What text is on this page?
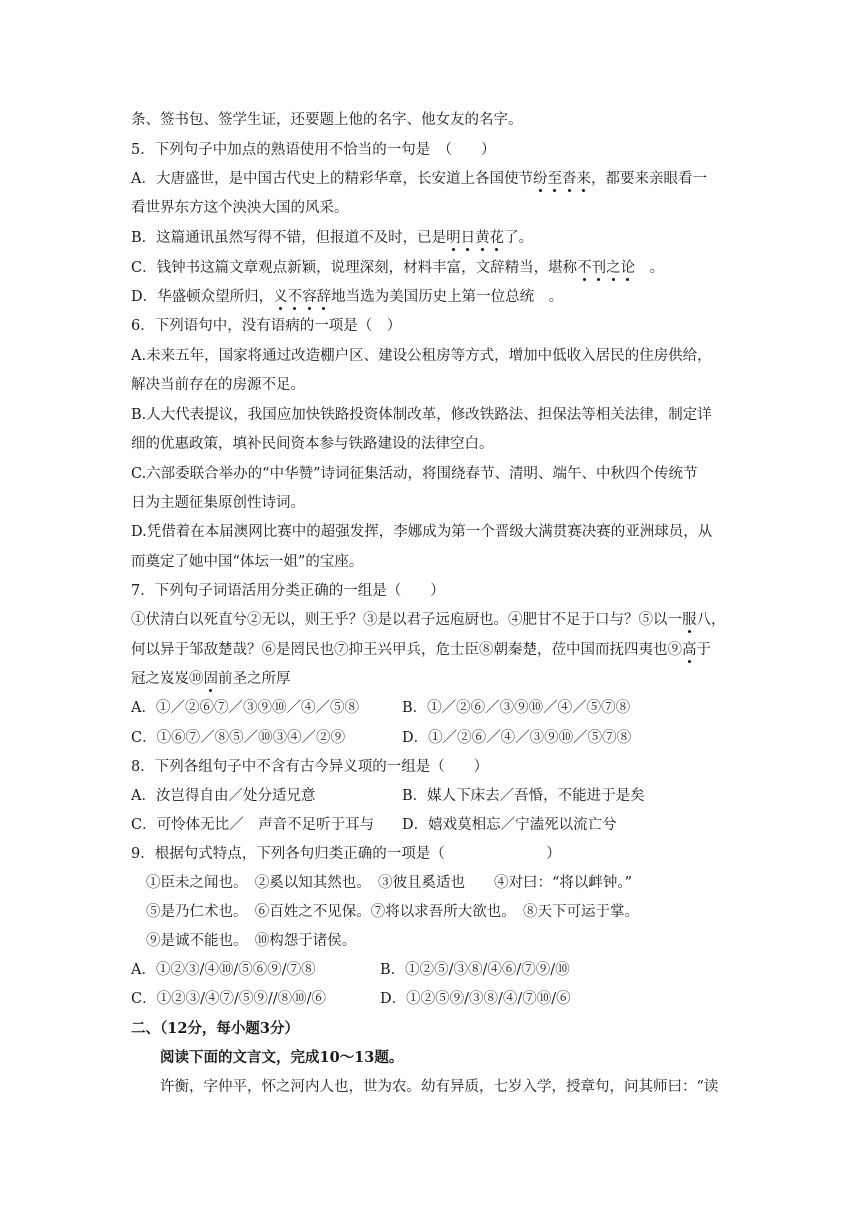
条、签书包、签学生证，还要题上他的名字、他女友的名字。
5．下列句子中加点的熟语使用不恰当的一句是　（　　）
A．大唐盛世，是中国古代史上的精彩华章，长安道上各国使节纷至沓来，都要来亲眼看一
看世界东方这个泱泱大国的风采。
B．这篇通讯虽然写得不错，但报道不及时，已是明日黄花了。
C．钱钟书这篇文章观点新颖，说理深刻，材料丰富，文辞精当，堪称不刊之论　。
D．华盛顿众望所归，义不容辞地当选为美国历史上第一位总统　。
6．下列语句中，没有语病的一项是（　）
A.未来五年，国家将通过改造棚户区、建设公租房等方式，增加中低收入居民的住房供给，
解决当前存在的房源不足。
B.人大代表提议，我国应加快铁路投资体制改革，修改铁路法、担保法等相关法律，制定详
细的优惠政策，填补民间资本参与铁路建设的法律空白。
C.六部委联合举办的“中华赞”诗词征集活动，将围绕春节、清明、端午、中秋四个传统节
日为主题征集原创性诗词。
D.凭借着在本届澳网比赛中的超强发挥，李娜成为第一个晋级大满贯赛决赛的亚洲球员，从
而奠定了她中国“体坛一姐”的宝座。
7．下列句子词语活用分类正确的一组是（　　）
①伏清白以死直兮②无以，则王乎？③是以君子远庖厨也。④肥甘不足于口与？⑤以一服八，
何以异于邹敌楚哉？⑥是罔民也⑦抑王兴甲兵，危士臣⑧朝秦楚，莅中国而抚四夷也⑨高于
冠之岌岌⑩固前圣之所厚
A．①／②⑥⑦／③⑨⑩／④／⑤⑧	B．①／②⑥／③⑨⑩／④／⑤⑦⑧
C．①⑥⑦／⑧⑤／⑩③④／②⑨	D．①／②⑥／④／③⑨⑩／⑤⑦⑧
8．下列各组句子中不含有古今异义项的一组是（　　）
A．汝岂得自由／处分适兄意	B．媒人下床去／吾惛，不能进于是矣
C．可怜体无比／　声音不足听于耳与 D．嬉戏莫相忘／宁溘死以流亡兮
9．根据句式特点，下列各句归类正确的一项是（　　　　　　　）
①臣未之闻也。　②奚以知其然也。　③彼且奚适也　　④对曰：“将以衅钟。”
⑤是乃仁术也。　⑥百姓之不见保。⑦将以求吾所大欲也。　⑧天下可运于掌。
⑨是诚不能也。　⑩构怨于诸侯。
A．①②③/④⑩/⑤⑥⑨/⑦⑧	B．①②⑤/③⑧/④⑥/⑦⑨/⑩
C．①②③/④⑦/⑤⑨//⑧⑩/⑥	D．①②⑤⑨/③⑧/④/⑦⑩/⑥
二、（12分，每小题3分）
阅读下面的文言文，完成10～13题。
许衡，字仲平，怀之河内人也，世为农。幼有异质，七岁入学，授章句，问其师曰：“读
